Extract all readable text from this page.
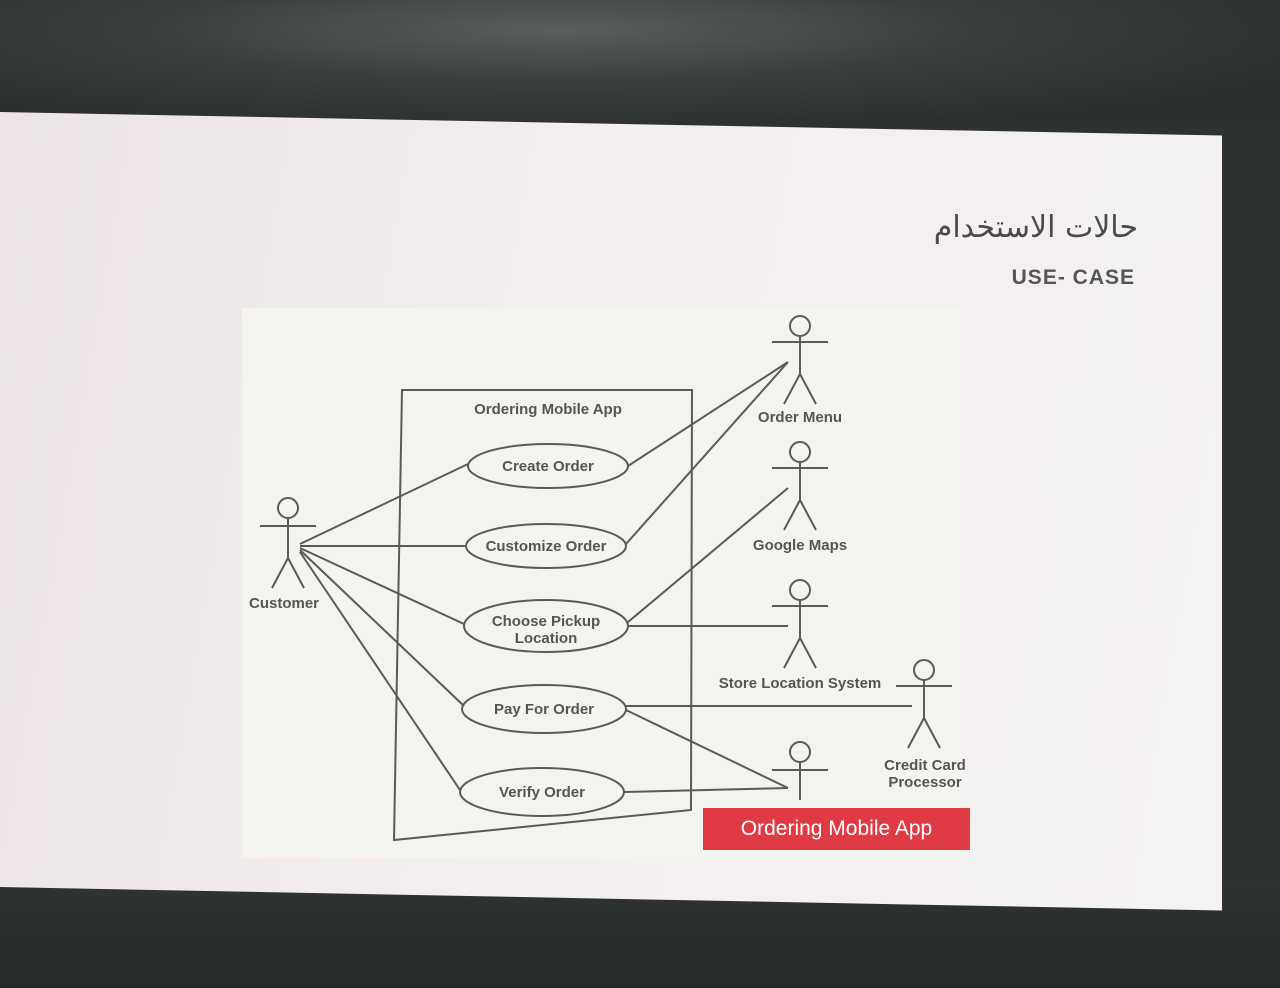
حالات الاستخدام
USE- CASE
Ordering Mobile App
Create Order
Customize Order
Choose Pickup
Location
Pay For Order
Verify Order
Customer
Order Menu
Google Maps
Store Location System
Credit Card
Processor
Ordering Mobile App
